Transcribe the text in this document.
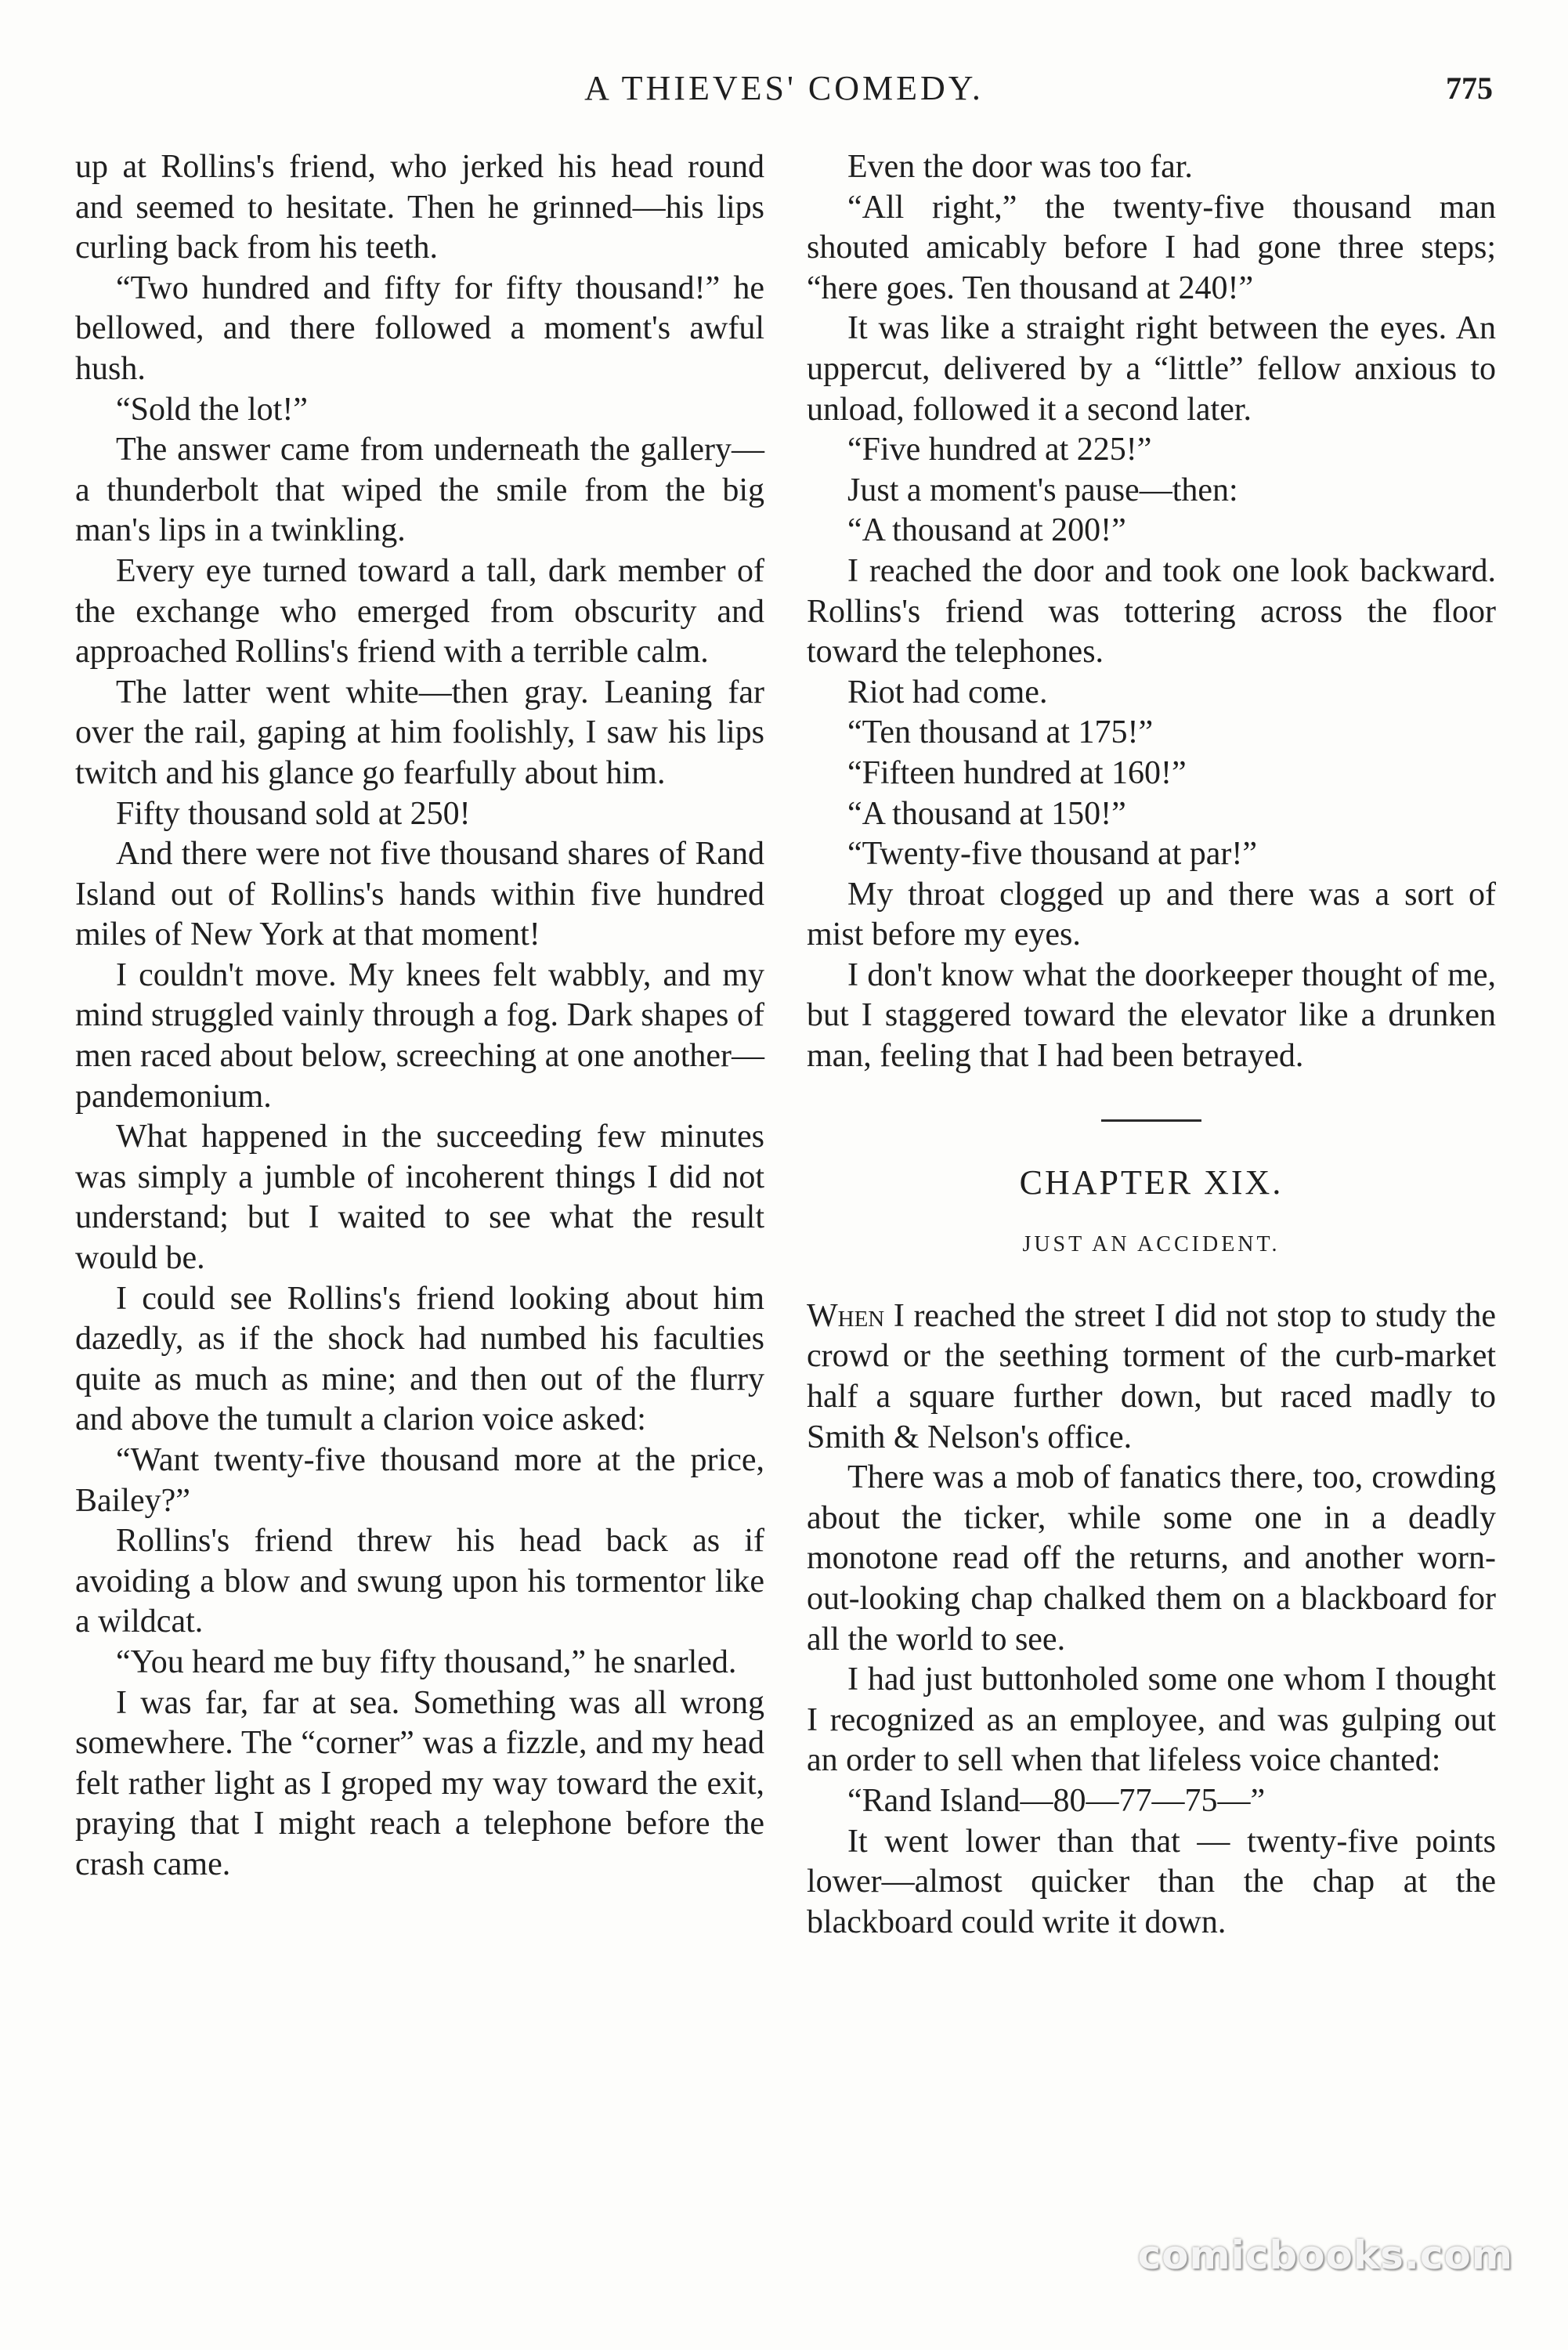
A THIEVES' COMEDY.	775

up at Rollins's friend, who jerked his head round and seemed to hesitate. Then he grinned—his lips curling back from his teeth.

“Two hundred and fifty for fifty thousand!” he bellowed, and there followed a moment's awful hush.

“Sold the lot!”

The answer came from underneath the gallery—a thunderbolt that wiped the smile from the big man's lips in a twinkling.

Every eye turned toward a tall, dark member of the exchange who emerged from obscurity and approached Rollins's friend with a terrible calm.

The latter went white—then gray. Leaning far over the rail, gaping at him foolishly, I saw his lips twitch and his glance go fearfully about him.

Fifty thousand sold at 250!

And there were not five thousand shares of Rand Island out of Rollins's hands within five hundred miles of New York at that moment!

I couldn't move. My knees felt wabbly, and my mind struggled vainly through a fog. Dark shapes of men raced about below, screeching at one another—pandemonium.

What happened in the succeeding few minutes was simply a jumble of incoherent things I did not understand; but I waited to see what the result would be.

I could see Rollins's friend looking about him dazedly, as if the shock had numbed his faculties quite as much as mine; and then out of the flurry and above the tumult a clarion voice asked:

“Want twenty-five thousand more at the price, Bailey?”

Rollins's friend threw his head back as if avoiding a blow and swung upon his tormentor like a wildcat.

“You heard me buy fifty thousand,” he snarled.

I was far, far at sea. Something was all wrong somewhere. The “corner” was a fizzle, and my head felt rather light as I groped my way toward the exit, praying that I might reach a telephone before the crash came.

Even the door was too far.

“All right,” the twenty-five thousand man shouted amicably before I had gone three steps; “here goes. Ten thousand at 240!”

It was like a straight right between the eyes. An uppercut, delivered by a “little” fellow anxious to unload, followed it a second later.

“Five hundred at 225!”

Just a moment's pause—then:

“A thousand at 200!”

I reached the door and took one look backward. Rollins's friend was tottering across the floor toward the telephones.

Riot had come.

“Ten thousand at 175!”

“Fifteen hundred at 160!”

“A thousand at 150!”

“Twenty-five thousand at par!”

My throat clogged up and there was a sort of mist before my eyes.

I don't know what the doorkeeper thought of me, but I staggered toward the elevator like a drunken man, feeling that I had been betrayed.

CHAPTER XIX.
JUST AN ACCIDENT.

When I reached the street I did not stop to study the crowd or the seething torment of the curb-market half a square further down, but raced madly to Smith & Nelson's office.

There was a mob of fanatics there, too, crowding about the ticker, while some one in a deadly monotone read off the returns, and another worn-out-looking chap chalked them on a blackboard for all the world to see.

I had just buttonholed some one whom I thought I recognized as an employee, and was gulping out an order to sell when that lifeless voice chanted:

“Rand Island—80—77—75—”

It went lower than that — twenty-five points lower—almost quicker than the chap at the blackboard could write it down.

comicbooks.com
